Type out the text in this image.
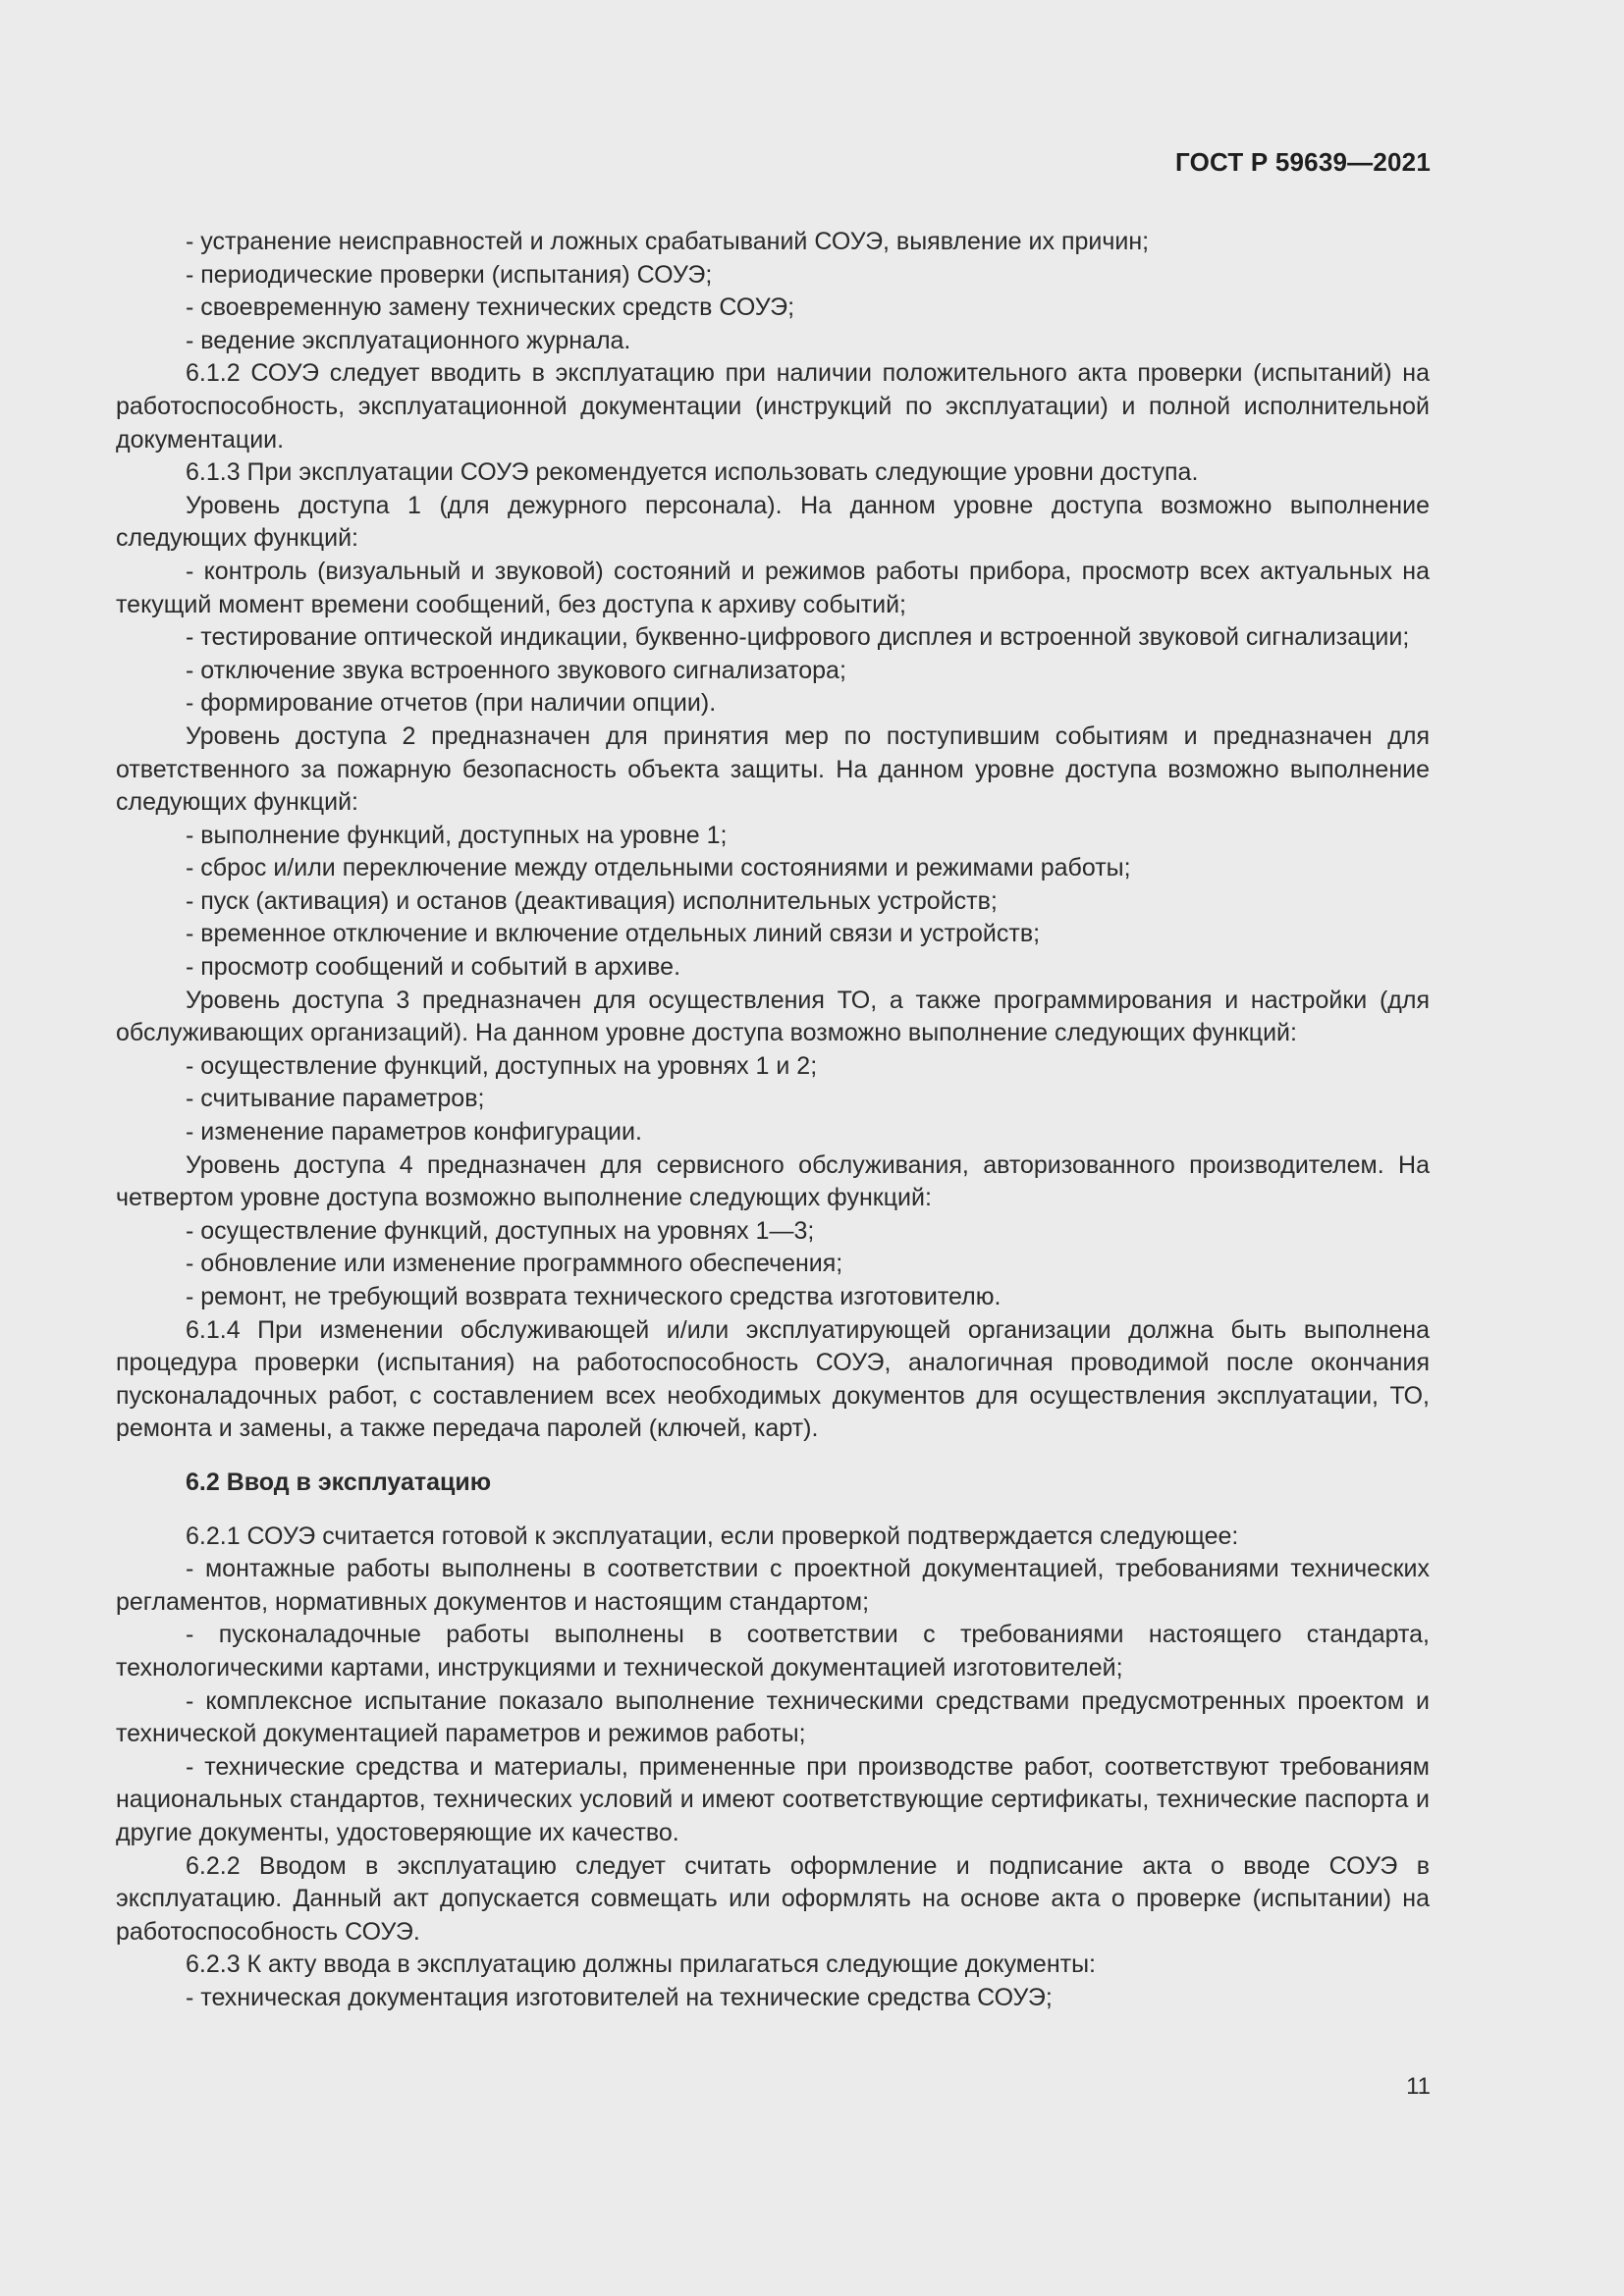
ГОСТ Р 59639—2021

- устранение неисправностей и ложных срабатываний СОУЭ, выявление их причин;

- периодические проверки (испытания) СОУЭ;

- своевременную замену технических средств СОУЭ;

- ведение эксплуатационного журнала.

6.1.2 СОУЭ следует вводить в эксплуатацию при наличии положительного акта проверки (испытаний) на работоспособность, эксплуатационной документации (инструкций по эксплуатации) и полной исполнительной документации.

6.1.3 При эксплуатации СОУЭ рекомендуется использовать следующие уровни доступа.

Уровень доступа 1 (для дежурного персонала). На данном уровне доступа возможно выполнение следующих функций:

- контроль (визуальный и звуковой) состояний и режимов работы прибора, просмотр всех актуальных на текущий момент времени сообщений, без доступа к архиву событий;

- тестирование оптической индикации, буквенно-цифрового дисплея и встроенной звуковой сигнализации;

- отключение звука встроенного звукового сигнализатора;

- формирование отчетов (при наличии опции).

Уровень доступа 2 предназначен для принятия мер по поступившим событиям и предназначен для ответственного за пожарную безопасность объекта защиты. На данном уровне доступа возможно выполнение следующих функций:

- выполнение функций, доступных на уровне 1;

- сброс и/или переключение между отдельными состояниями и режимами работы;

- пуск (активация) и останов (деактивация) исполнительных устройств;

- временное отключение и включение отдельных линий связи и устройств;

- просмотр сообщений и событий в архиве.

Уровень доступа 3 предназначен для осуществления ТО, а также программирования и настройки (для обслуживающих организаций). На данном уровне доступа возможно выполнение следующих функций:

- осуществление функций, доступных на уровнях 1 и 2;

- считывание параметров;

- изменение параметров конфигурации.

Уровень доступа 4 предназначен для сервисного обслуживания, авторизованного производителем. На четвертом уровне доступа возможно выполнение следующих функций:

- осуществление функций, доступных на уровнях 1—3;

- обновление или изменение программного обеспечения;

- ремонт, не требующий возврата технического средства изготовителю.

6.1.4 При изменении обслуживающей и/или эксплуатирующей организации должна быть выполнена процедура проверки (испытания) на работоспособность СОУЭ, аналогичная проводимой после окончания пусконаладочных работ, с составлением всех необходимых документов для осуществления эксплуатации, ТО, ремонта и замены, а также передача паролей (ключей, карт).

6.2 Ввод в эксплуатацию

6.2.1 СОУЭ считается готовой к эксплуатации, если проверкой подтверждается следующее:

- монтажные работы выполнены в соответствии с проектной документацией, требованиями технических регламентов, нормативных документов и настоящим стандартом;

- пусконаладочные работы выполнены в соответствии с требованиями настоящего стандарта, технологическими картами, инструкциями и технической документацией изготовителей;

- комплексное испытание показало выполнение техническими средствами предусмотренных проектом и технической документацией параметров и режимов работы;

- технические средства и материалы, примененные при производстве работ, соответствуют требованиям национальных стандартов, технических условий и имеют соответствующие сертификаты, технические паспорта и другие документы, удостоверяющие их качество.

6.2.2 Вводом в эксплуатацию следует считать оформление и подписание акта о вводе СОУЭ в эксплуатацию. Данный акт допускается совмещать или оформлять на основе акта о проверке (испытании) на работоспособность СОУЭ.

6.2.3 К акту ввода в эксплуатацию должны прилагаться следующие документы:

- техническая документация изготовителей на технические средства СОУЭ;

11
